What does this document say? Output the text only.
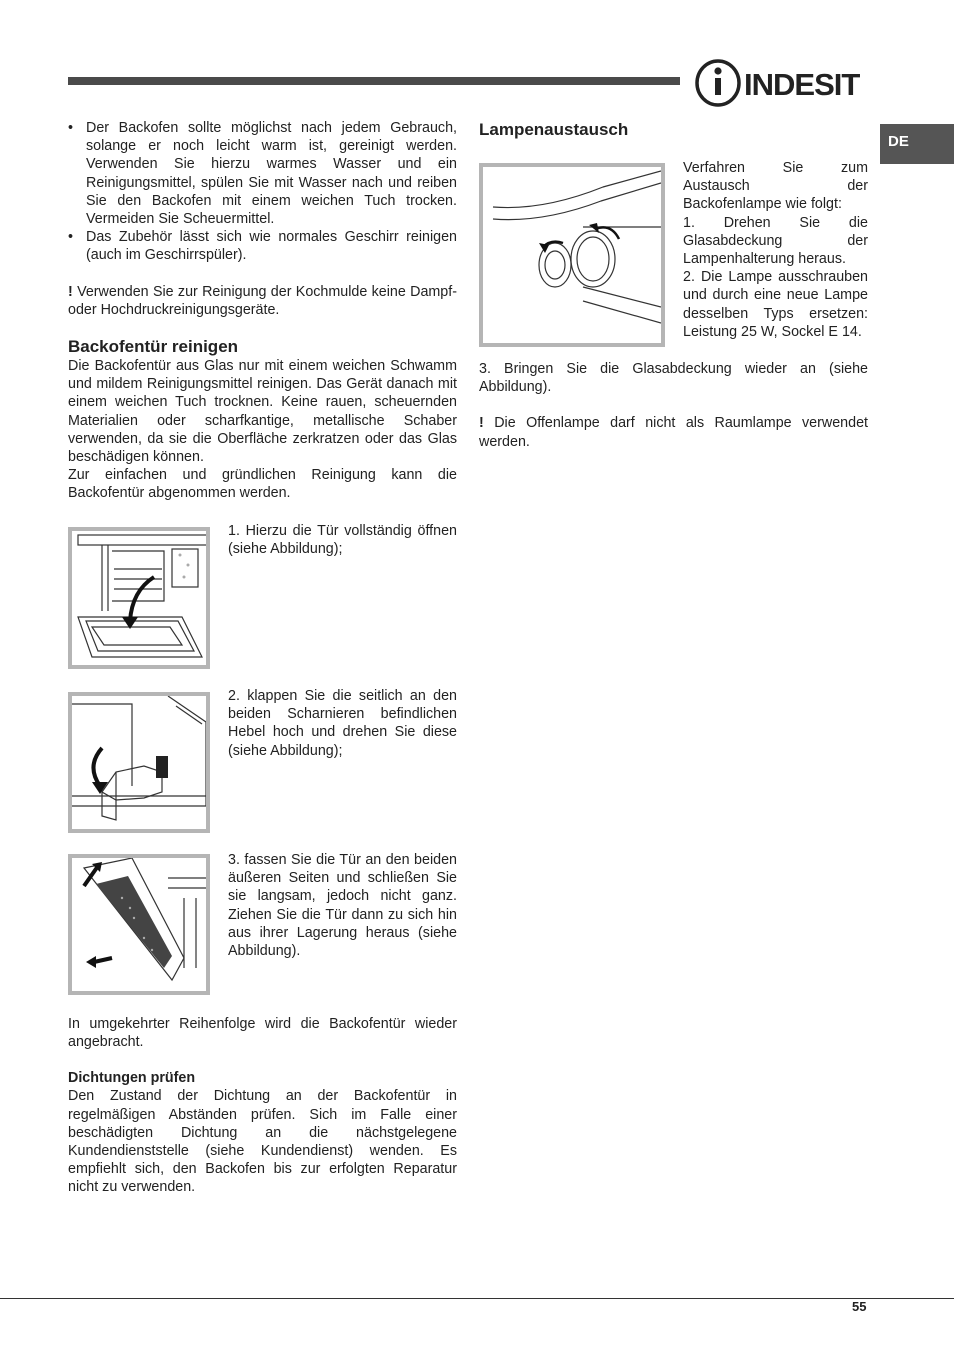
INDESIT
DE
• Der Backofen sollte möglichst nach jedem Gebrauch, solange er noch leicht warm ist, gereinigt werden. Verwenden Sie hierzu warmes Wasser und ein Reinigungsmittel, spülen Sie mit Wasser nach und reiben Sie den Backofen mit einem weichen Tuch trocken. Vermeiden Sie Scheuermittel.
• Das Zubehör lässt sich wie normales Geschirr reinigen (auch im Geschirrspüler).

! Verwenden Sie zur Reinigung der Kochmulde keine Dampf- oder Hochdruckreinigungsgeräte.

Backofentür reinigen

Die Backofentür aus Glas nur mit einem weichen Schwamm und mildem Reinigungsmittel reinigen. Das Gerät danach mit einem weichen Tuch trocknen. Keine rauen, scheuernden Materialien oder scharfkantige, metallische Schaber verwenden, da sie die Oberfläche zerkratzen oder das Glas beschädigen können.

Zur einfachen und gründlichen Reinigung kann die Backofentür abgenommen werden.

1. Hierzu die Tür vollständig öffnen (siehe Abbildung);
2. klappen Sie die seitlich an den beiden Scharnieren befindlichen Hebel hoch und drehen Sie diese (siehe Abbildung);
3. fassen Sie die Tür an den beiden äußeren Seiten und schließen Sie sie langsam, jedoch nicht ganz. Ziehen Sie die Tür dann zu sich hin aus ihrer Lagerung heraus (siehe Abbildung).

In umgekehrter Reihenfolge wird die Backofentür wieder angebracht.

Dichtungen prüfen

Den Zustand der Dichtung an der Backofentür in regelmäßigen Abständen prüfen. Sich im Falle einer beschädigten Dichtung an die nächstgelegene Kundendienststelle (siehe Kundendienst) wenden. Es empfiehlt sich, den Backofen bis zur erfolgten Reparatur nicht zu verwenden.

Lampenaustausch

Verfahren Sie zum Austausch der Backofenlampe wie folgt:

1. Drehen Sie die Glasabdeckung der Lampenhalterung heraus.

2. Die Lampe ausschrauben und durch eine neue Lampe desselben Typs ersetzen: Leistung 25 W, Sockel E 14.

3. Bringen Sie die Glasabdeckung wieder an (siehe Abbildung).

! Die Offenlampe darf nicht als Raumlampe verwendet werden.

55
